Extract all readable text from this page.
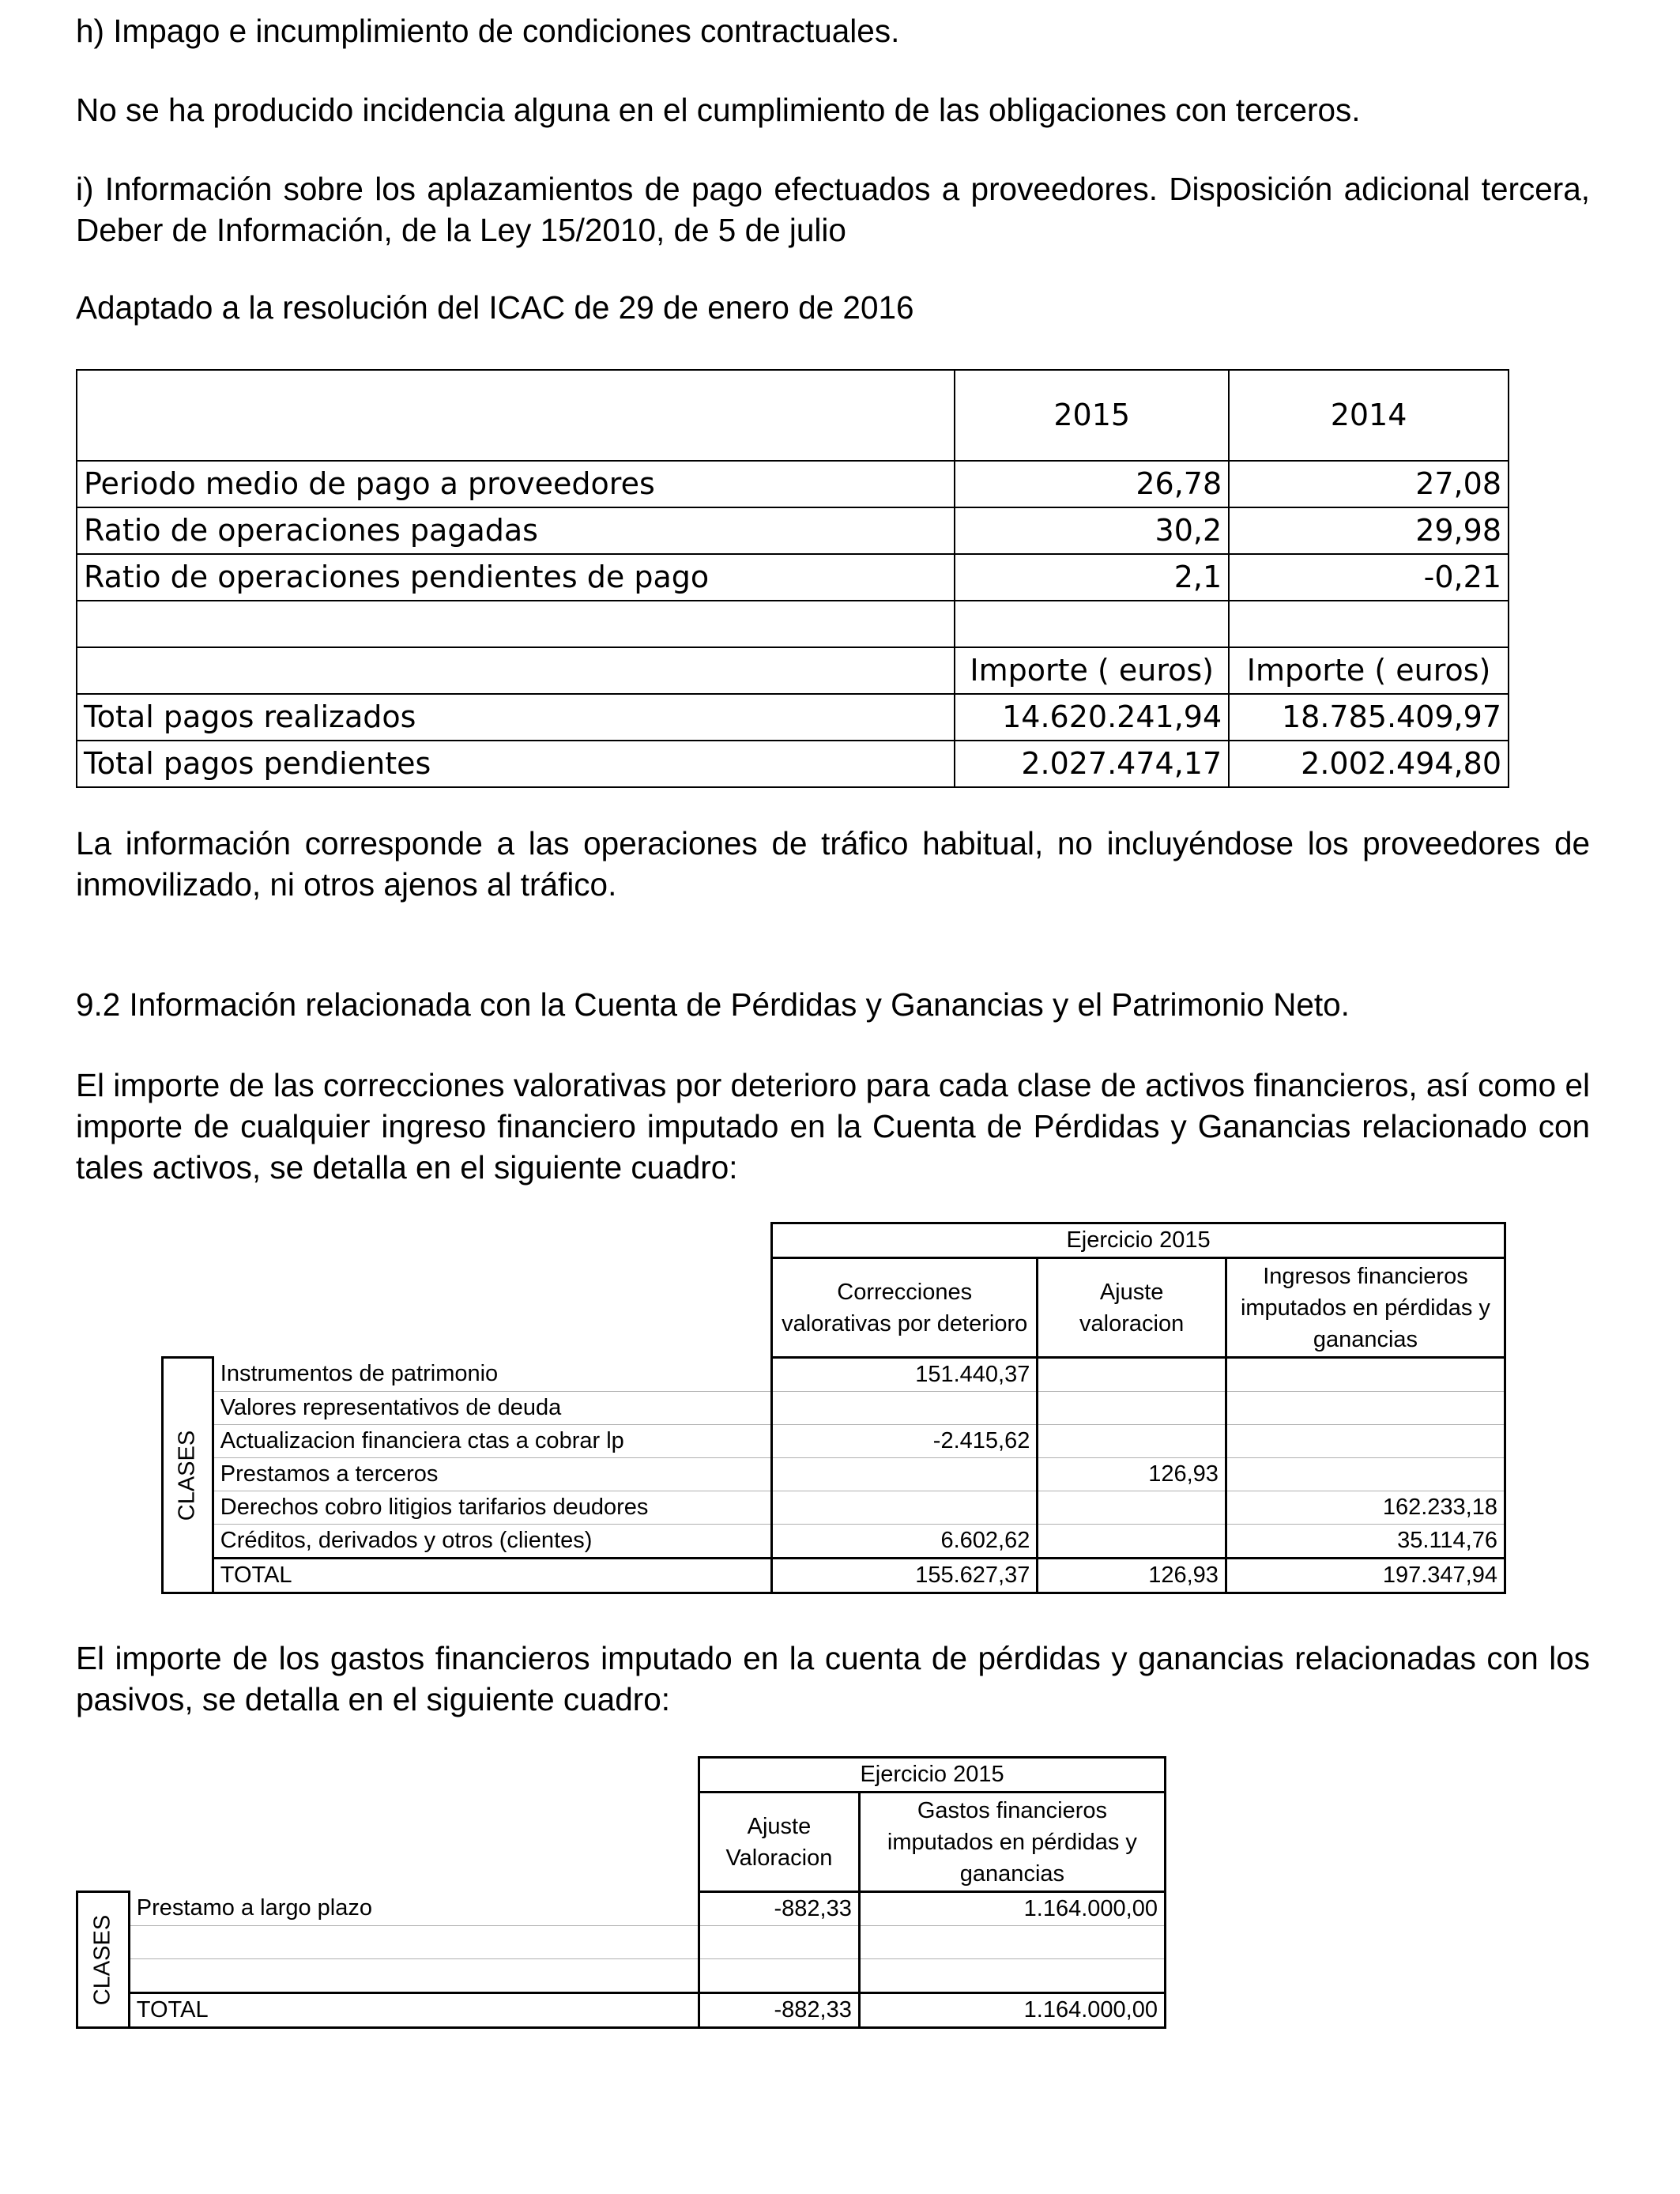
h) Impago e incumplimiento de condiciones contractuales.

No se ha producido incidencia alguna en el cumplimiento de las obligaciones con terceros.

i) Información sobre los aplazamientos de pago efectuados a proveedores. Disposición adicional tercera, Deber de Información, de la Ley 15/2010, de 5 de julio

Adaptado a la resolución del ICAC de 29 de enero de 2016

	2015	2014
Periodo medio de pago a proveedores	26,78	27,08
Ratio de operaciones pagadas	30,2	29,98
Ratio de operaciones pendientes de pago	2,1	-0,21

	Importe ( euros)	Importe ( euros)
Total pagos realizados	14.620.241,94	18.785.409,97
Total pagos pendientes	2.027.474,17	2.002.494,80

La información corresponde a las operaciones de tráfico habitual, no incluyéndose los proveedores de inmovilizado, ni otros ajenos al tráfico.

9.2 Información relacionada con la Cuenta de Pérdidas y Ganancias y el Patrimonio Neto.

El importe de las correcciones valorativas por deterioro para cada clase de activos financieros, así como el importe de cualquier ingreso financiero imputado en la Cuenta de Pérdidas y Ganancias relacionado con tales activos, se detalla en el siguiente cuadro:

		Ejercicio 2015		
		Correcciones valorativas por deterioro	Ajuste valoracion	Ingresos financieros imputados en pérdidas y ganancias

CLASES	Instrumentos de patrimonio	151.440,37		
	Valores representativos de deuda			
	Actualizacion financiera ctas a cobrar lp	-2.415,62		
	Prestamos a terceros		126,93	
	Derechos cobro litigios tarifarios deudores			162.233,18
	Créditos, derivados y otros (clientes)	6.602,62		35.114,76
	TOTAL	155.627,37	126,93	197.347,94

El importe de los gastos financieros imputado en la cuenta de pérdidas y ganancias relacionadas con los pasivos, se detalla en el siguiente cuadro:

		Ejercicio 2015	
		Ajuste Valoracion	Gastos financieros imputados en pérdidas y ganancias

CLASES	Prestamo a largo plazo	-882,33	1.164.000,00

	TOTAL	-882,33	1.164.000,00
